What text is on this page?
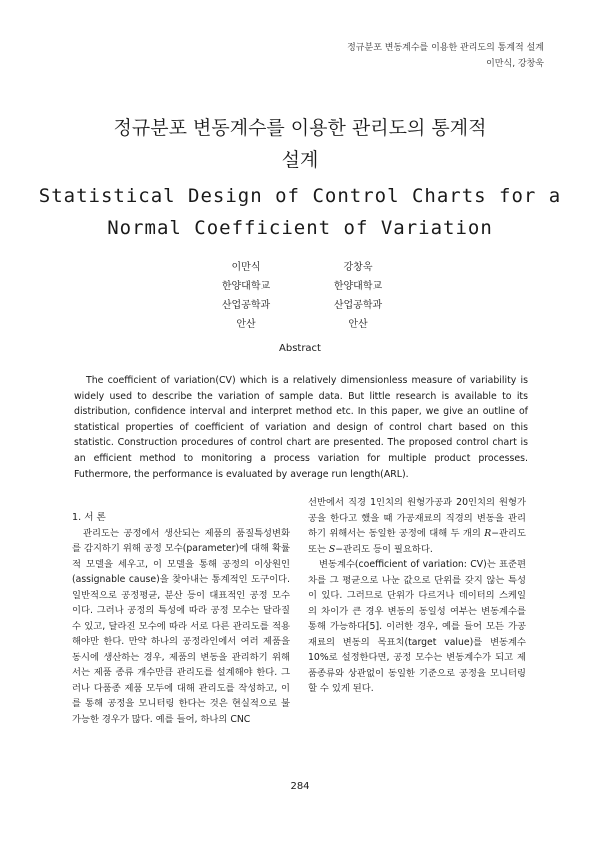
정규분포 변동계수를 이용한 관리도의 통계적 설계
이만식, 강창욱
정규분포 변동계수를 이용한 관리도의 통계적
설계
Statistical Design of Control Charts for a
Normal Coefficient of Variation
이만식
한양대학교
산업공학과
안산
강창욱
한양대학교
산업공학과
안산
Abstract
The coefficient of variation(CV) which is a relatively dimensionless measure of variability is widely used to describe the variation of sample data. But little research is available to its distribution, confidence interval and interpret method etc. In this paper, we give an outline of statistical properties of coefficient of variation and design of control chart based on this statistic. Construction procedures of control chart are presented. The proposed control chart is an efficient method to monitoring a process variation for multiple product processes. Futhermore, the performance is evaluated by average run length(ARL).

1. 서 론

관리도는 공정에서 생산되는 제품의 품질특성변화를 감지하기 위해 공정 모수(parameter)에 대해 확률적 모델을 세우고, 이 모델을 통해 공정의 이상원인(assignable cause)을 찾아내는 통계적인 도구이다. 일반적으로 공정평균, 분산 등이 대표적인 공정 모수이다. 그러나 공정의 특성에 따라 공정 모수는 달라질 수 있고, 달라진 모수에 따라 서로 다른 관리도를 적용해야만 한다. 만약 하나의 공정라인에서 여러 제품을 동시에 생산하는 경우, 제품의 변동을 관리하기 위해서는 제품 종류 개수만큼 관리도를 설계해야 한다. 그러나 다품종 제품 모두에 대해 관리도를 작성하고, 이를 통해 공정을 모니터링 한다는 것은 현실적으로 불가능한 경우가 많다. 예를 들어, 하나의 CNC

선반에서 직경 1인치의 원형가공과 20인치의 원형가공을 한다고 했을 때 가공재료의 직경의 변동을 관리하기 위해서는 동일한 공정에 대해 두 개의 R−관리도 또는 S−관리도 등이 필요하다.

변동계수(coefficient of variation: CV)는 표준편차를 그 평균으로 나눈 값으로 단위를 갖지 않는 특성이 있다. 그러므로 단위가 다르거나 데이터의 스케일의 차이가 큰 경우 변동의 동일성 여부는 변동계수를 통해 가능하다[5]. 이러한 경우, 예를 들어 모든 가공재료의 변동의 목표치(target value)를 변동계수 10%로 설정한다면, 공정 모수는 변동계수가 되고 제품종류와 상관없이 동일한 기준으로 공정을 모니터링 할 수 있게 된다.

284
